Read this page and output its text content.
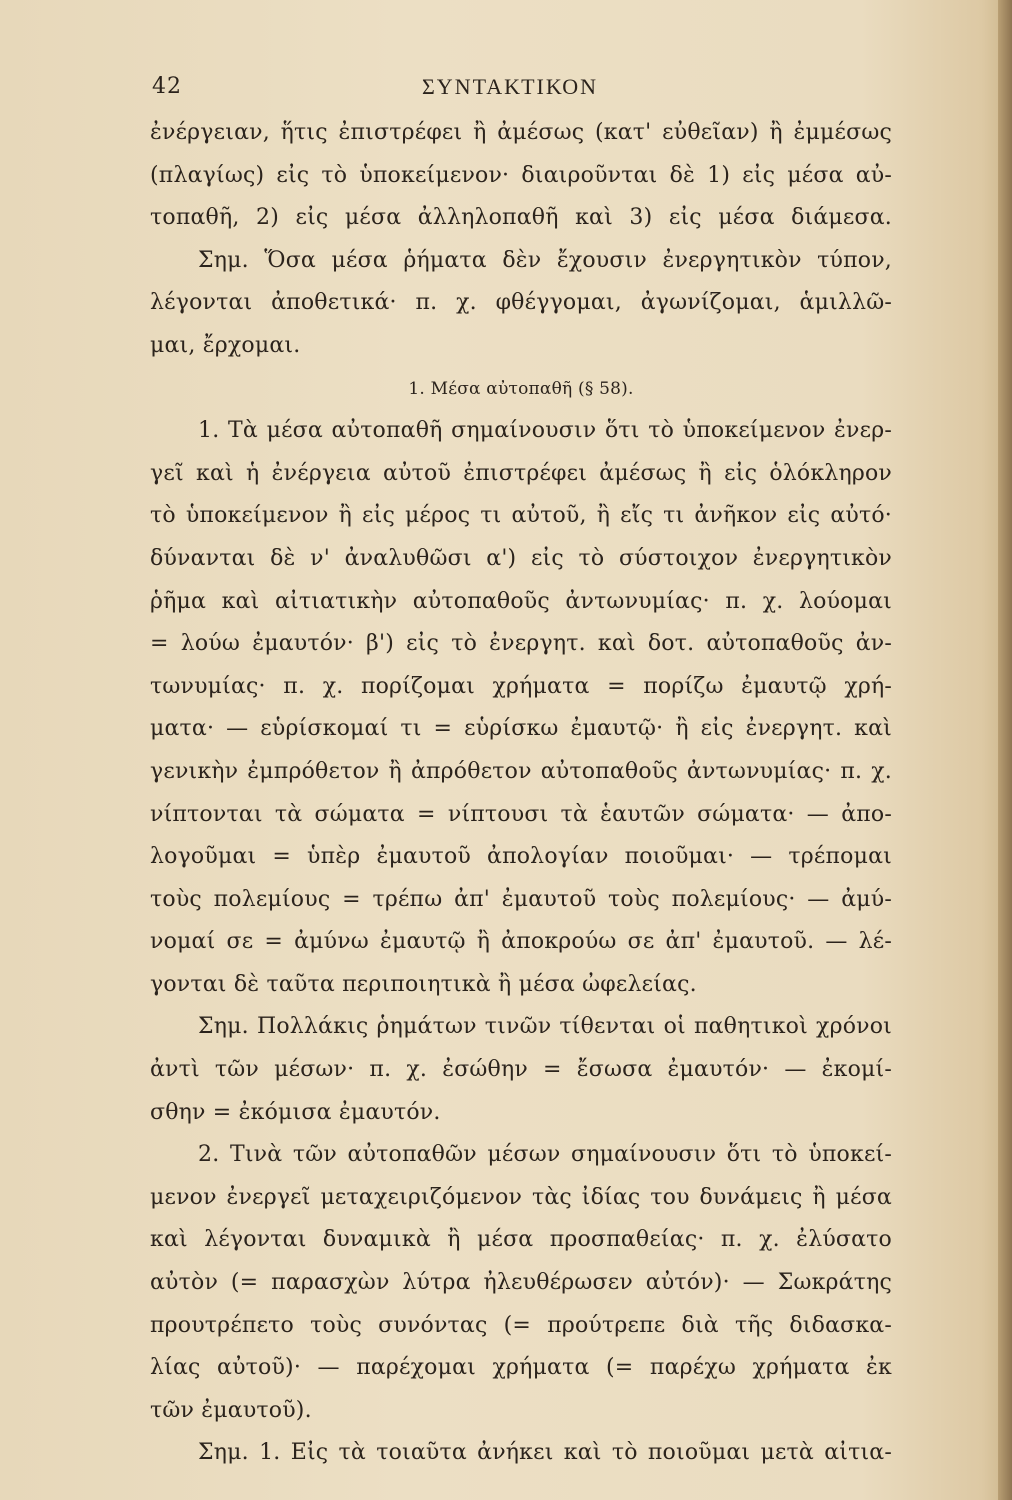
42	ΣΥΝΤΑΚΤΙΚΟΝ
ἐνέργειαν, ἥτις ἐπιστρέφει ἢ ἀμέσως (κατ' εὐθεῖαν) ἢ ἐμμέσως
(πλαγίως) εἰς τὸ ὑποκείμενον· διαιροῦνται δὲ 1) εἰς μέσα αὐ-
τοπαθῆ, 2) εἰς μέσα ἀλληλοπαθῆ καὶ 3) εἰς μέσα διάμεσα.
Σημ. Ὅσα μέσα ῥήματα δὲν ἔχουσιν ἐνεργητικὸν τύπον,
λέγονται ἀποθετικά· π. χ. φθέγγομαι, ἀγωνίζομαι, ἁμιλλῶ-
μαι, ἔρχομαι.
1. Μέσα αὐτοπαθῆ (§ 58).
1. Τὰ μέσα αὐτοπαθῆ σημαίνουσιν ὅτι τὸ ὑποκείμενον ἐνερ-
γεῖ καὶ ἡ ἐνέργεια αὐτοῦ ἐπιστρέφει ἀμέσως ἢ εἰς ὁλόκληρον
τὸ ὑποκείμενον ἢ εἰς μέρος τι αὐτοῦ, ἢ εἴς τι ἀνῆκον εἰς αὐτό·
δύνανται δὲ ν' ἀναλυθῶσι α') εἰς τὸ σύστοιχον ἐνεργητικὸν
ῥῆμα καὶ αἰτιατικὴν αὐτοπαθοῦς ἀντωνυμίας· π. χ. λούομαι
= λούω ἐμαυτόν· β') εἰς τὸ ἐνεργητ. καὶ δοτ. αὐτοπαθοῦς ἀν-
τωνυμίας· π. χ. πορίζομαι χρήματα = πορίζω ἐμαυτῷ χρή-
ματα· — εὑρίσκομαί τι = εὑρίσκω ἐμαυτῷ· ἢ εἰς ἐνεργητ. καὶ
γενικὴν ἐμπρόθετον ἢ ἀπρόθετον αὐτοπαθοῦς ἀντωνυμίας· π. χ.
νίπτονται τὰ σώματα = νίπτουσι τὰ ἑαυτῶν σώματα· — ἀπο-
λογοῦμαι = ὑπὲρ ἐμαυτοῦ ἀπολογίαν ποιοῦμαι· — τρέπομαι
τοὺς πολεμίους = τρέπω ἀπ' ἐμαυτοῦ τοὺς πολεμίους· — ἀμύ-
νομαί σε = ἀμύνω ἐμαυτῷ ἢ ἀποκρούω σε ἀπ' ἐμαυτοῦ. — λέ-
γονται δὲ ταῦτα περιποιητικὰ ἢ μέσα ὠφελείας.
Σημ. Πολλάκις ῥημάτων τινῶν τίθενται οἱ παθητικοὶ χρόνοι
ἀντὶ τῶν μέσων· π. χ. ἐσώθην = ἔσωσα ἐμαυτόν· — ἐκομί-
σθην = ἐκόμισα ἐμαυτόν.
2. Τινὰ τῶν αὐτοπαθῶν μέσων σημαίνουσιν ὅτι τὸ ὑποκεί-
μενον ἐνεργεῖ μεταχειριζόμενον τὰς ἰδίας του δυνάμεις ἢ μέσα
καὶ λέγονται δυναμικὰ ἢ μέσα προσπαθείας· π. χ. ἐλύσατο
αὐτὸν (= παρασχὼν λύτρα ἠλευθέρωσεν αὐτόν)· — Σωκράτης
προυτρέπετο τοὺς συνόντας (= προύτρεπε διὰ τῆς διδασκα-
λίας αὐτοῦ)· — παρέχομαι χρήματα (= παρέχω χρήματα ἐκ
τῶν ἐμαυτοῦ).
Σημ. 1. Εἰς τὰ τοιαῦτα ἀνήκει καὶ τὸ ποιοῦμαι μετὰ αἰτια-
